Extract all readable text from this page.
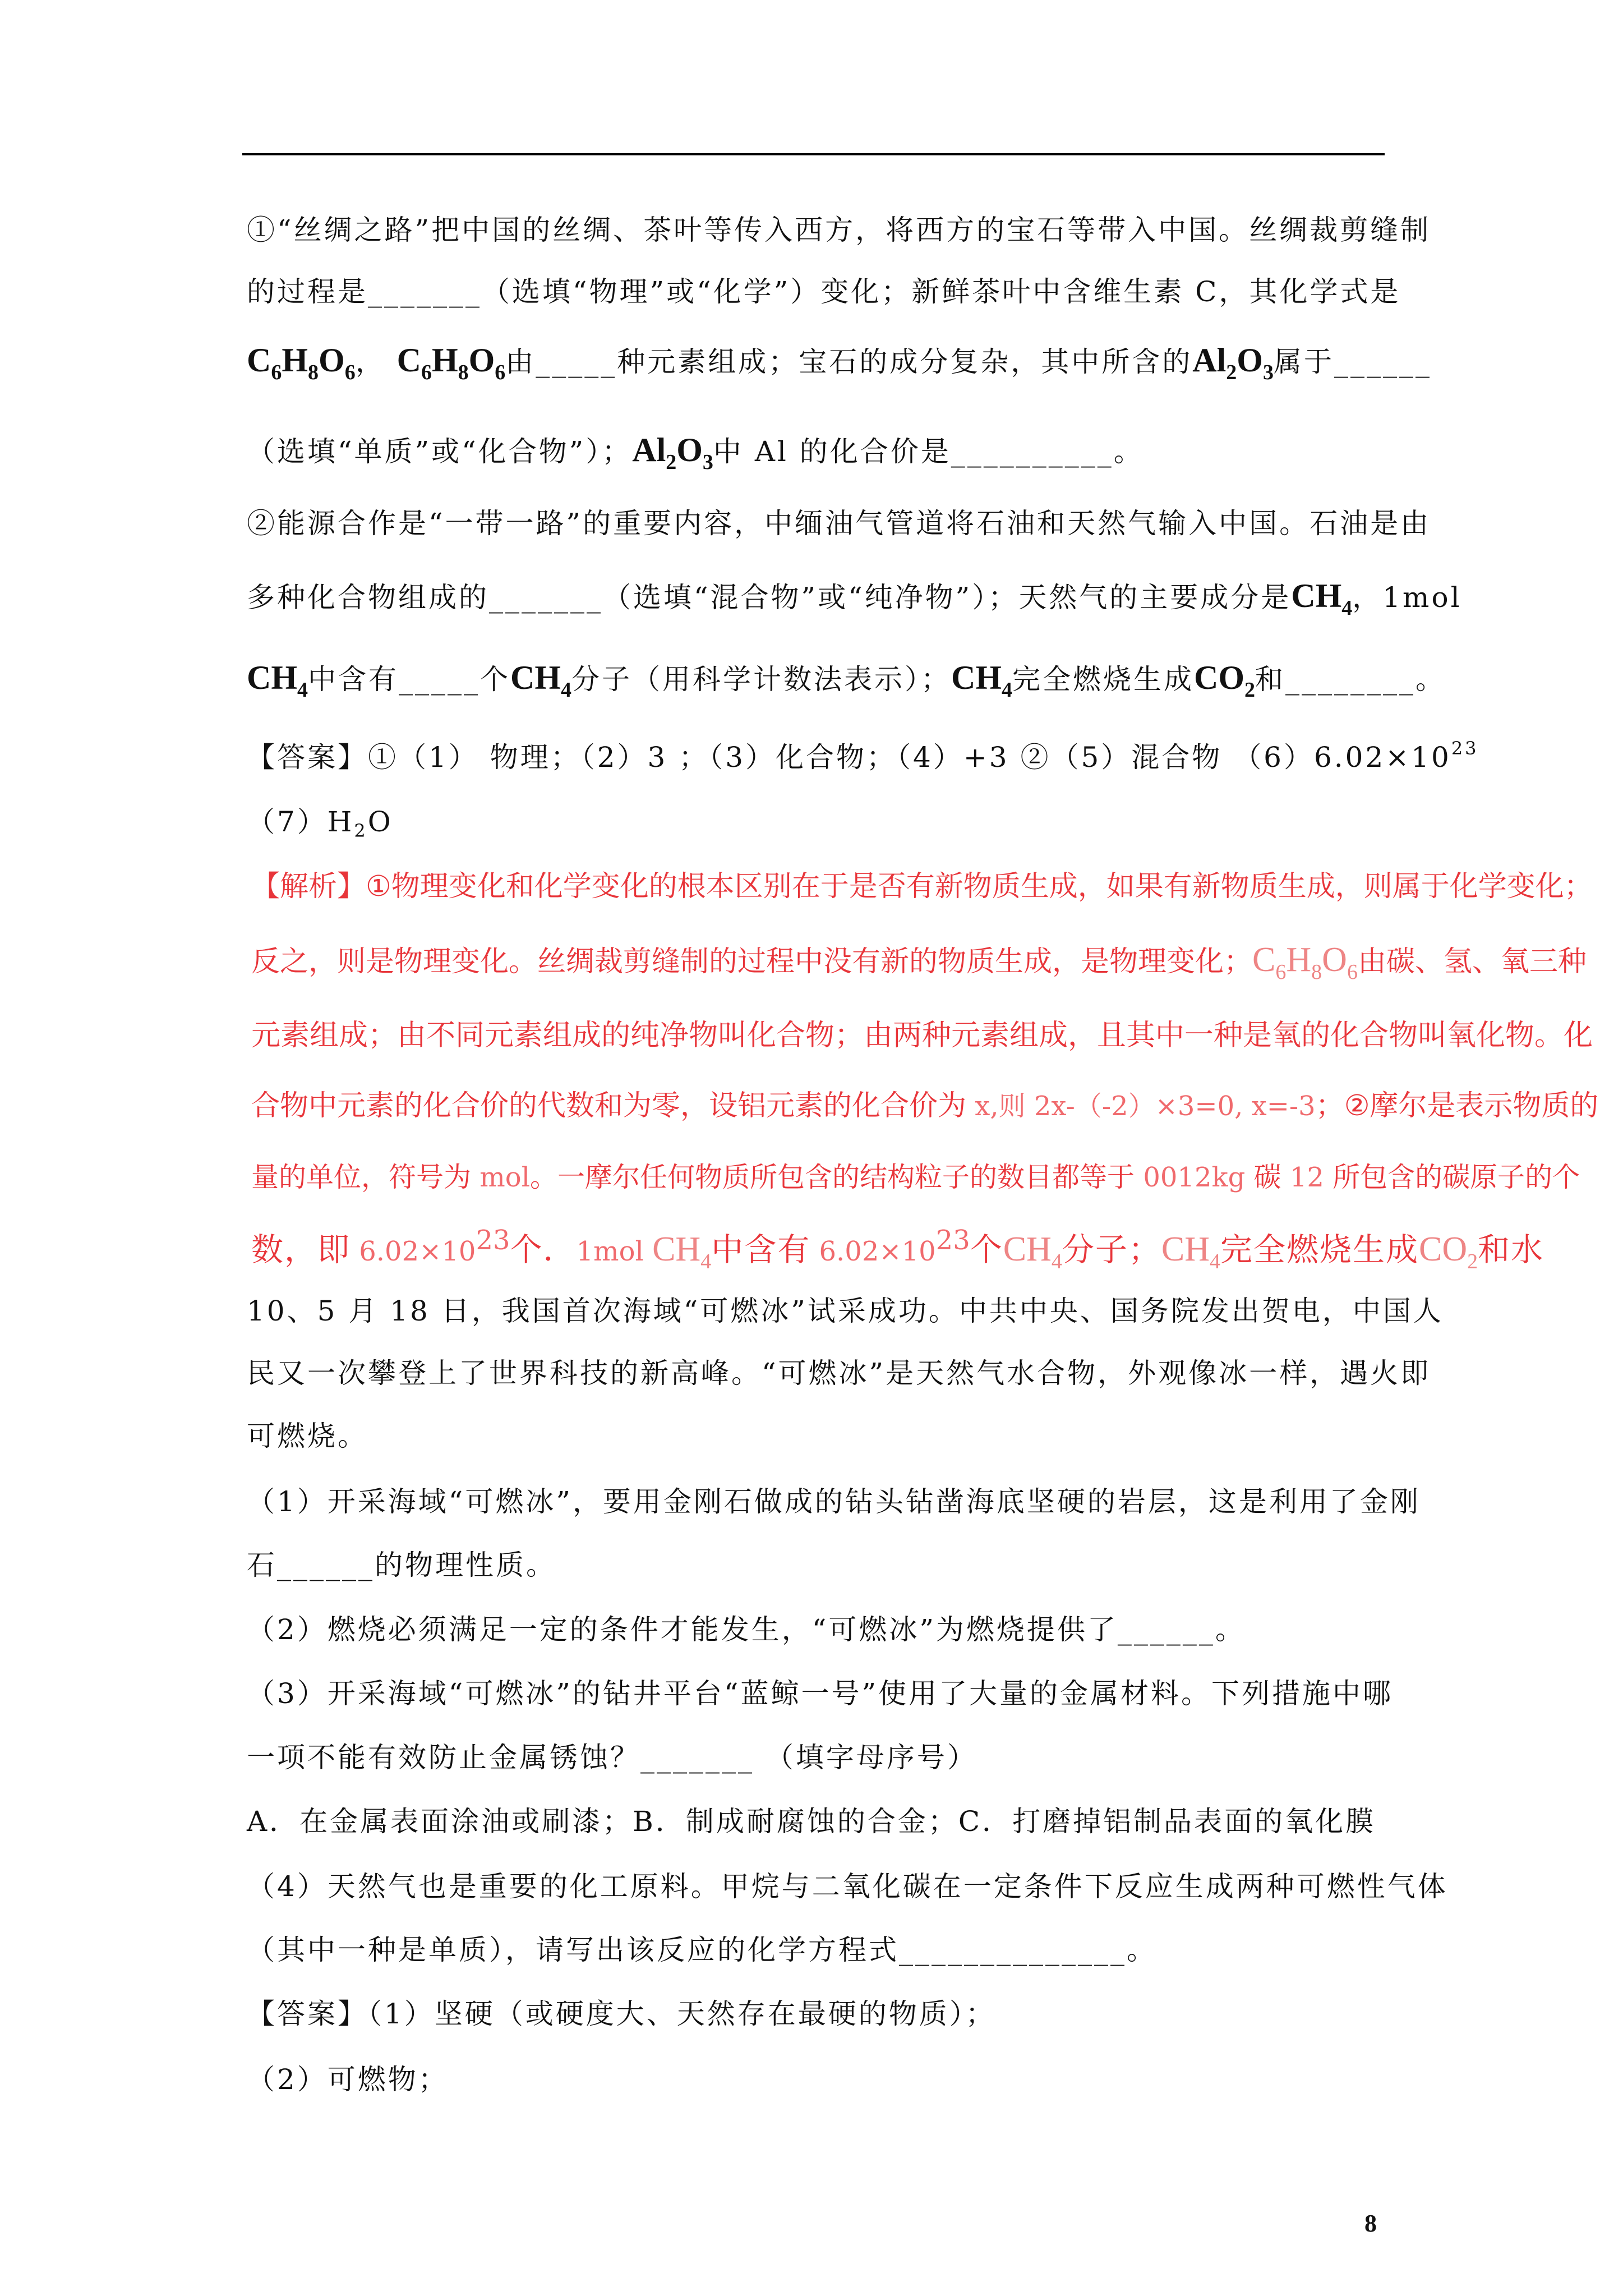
①“丝绸之路”把中国的丝绸、茶叶等传入西方，将西方的宝石等带入中国。丝绸裁剪缝制
的过程是_______（选填“物理”或“化学”）变化；新鲜茶叶中含维生素 C，其化学式是
$C_6H_8O_6$， $C_6H_8O_6$由_____种元素组成；宝石的成分复杂，其中所含的$Al_2O_3$属于______
（选填“单质”或“化合物”）；$Al_2O_3$中 Al 的化合价是__________。
②能源合作是“一带一路”的重要内容，中缅油气管道将石油和天然气输入中国。石油是由
多种化合物组成的_______（选填“混合物”或“纯净物”）；天然气的主要成分是$CH_4$，1mol
$CH_4$中含有_____个$CH_4$分子（用科学计数法表示）；$CH_4$完全燃烧生成$CO_2$和________。
【答案】①（1） 物理；（2）3 ；（3）化合物；（4）+3 ②（5）混合物 $(6)6.02\times 10^{23}$
$(7)H_2O$
【解析】①物理变化和化学变化的根本区别在于是否有新物质生成，如果有新物质生成，则属于化学变化；
反之，则是物理变化。丝绸裁剪缝制的过程中没有新的物质生成，是物理变化；$C_6H_8O_6$由碳、氢、氧三种
元素组成；由不同元素组成的纯净物叫化合物；由两种元素组成，且其中一种是氧的化合物叫氧化物。化
合物中元素的化合价的代数和为零，设铝元素的化合价为 x,则 2x-（-2）×3=0, x=-3；②摩尔是表示物质的
量的单位，符号为 mol。一摩尔任何物质所包含的结构粒子的数目都等于 0012kg 碳 12 所包含的碳原子的个
数，即 $6.02\times 10^{23}$个．1mol $CH_4$中含有 $6.02\times 10^{23}$个$CH_4$分子；$CH_4$完全燃烧生成$CO_2$和水
10、5 月 18 日，我国首次海域“可燃冰”试采成功。中共中央、国务院发出贺电，中国人
民又一次攀登上了世界科技的新高峰。“可燃冰”是天然气水合物，外观像冰一样，遇火即
可燃烧。
（1）开采海域“可燃冰”，要用金刚石做成的钻头钻凿海底坚硬的岩层，这是利用了金刚
石______的物理性质。
（2）燃烧必须满足一定的条件才能发生，“可燃冰”为燃烧提供了______。
（3）开采海域“可燃冰”的钻井平台“蓝鲸一号”使用了大量的金属材料。下列措施中哪
一项不能有效防止金属锈蚀？_______ （填字母序号）
A．在金属表面涂油或刷漆；B．制成耐腐蚀的合金；C．打磨掉铝制品表面的氧化膜
（4）天然气也是重要的化工原料。甲烷与二氧化碳在一定条件下反应生成两种可燃性气体
（其中一种是单质），请写出该反应的化学方程式______________。
【答案】（1）坚硬（或硬度大、天然存在最硬的物质）；
（2）可燃物；
8
